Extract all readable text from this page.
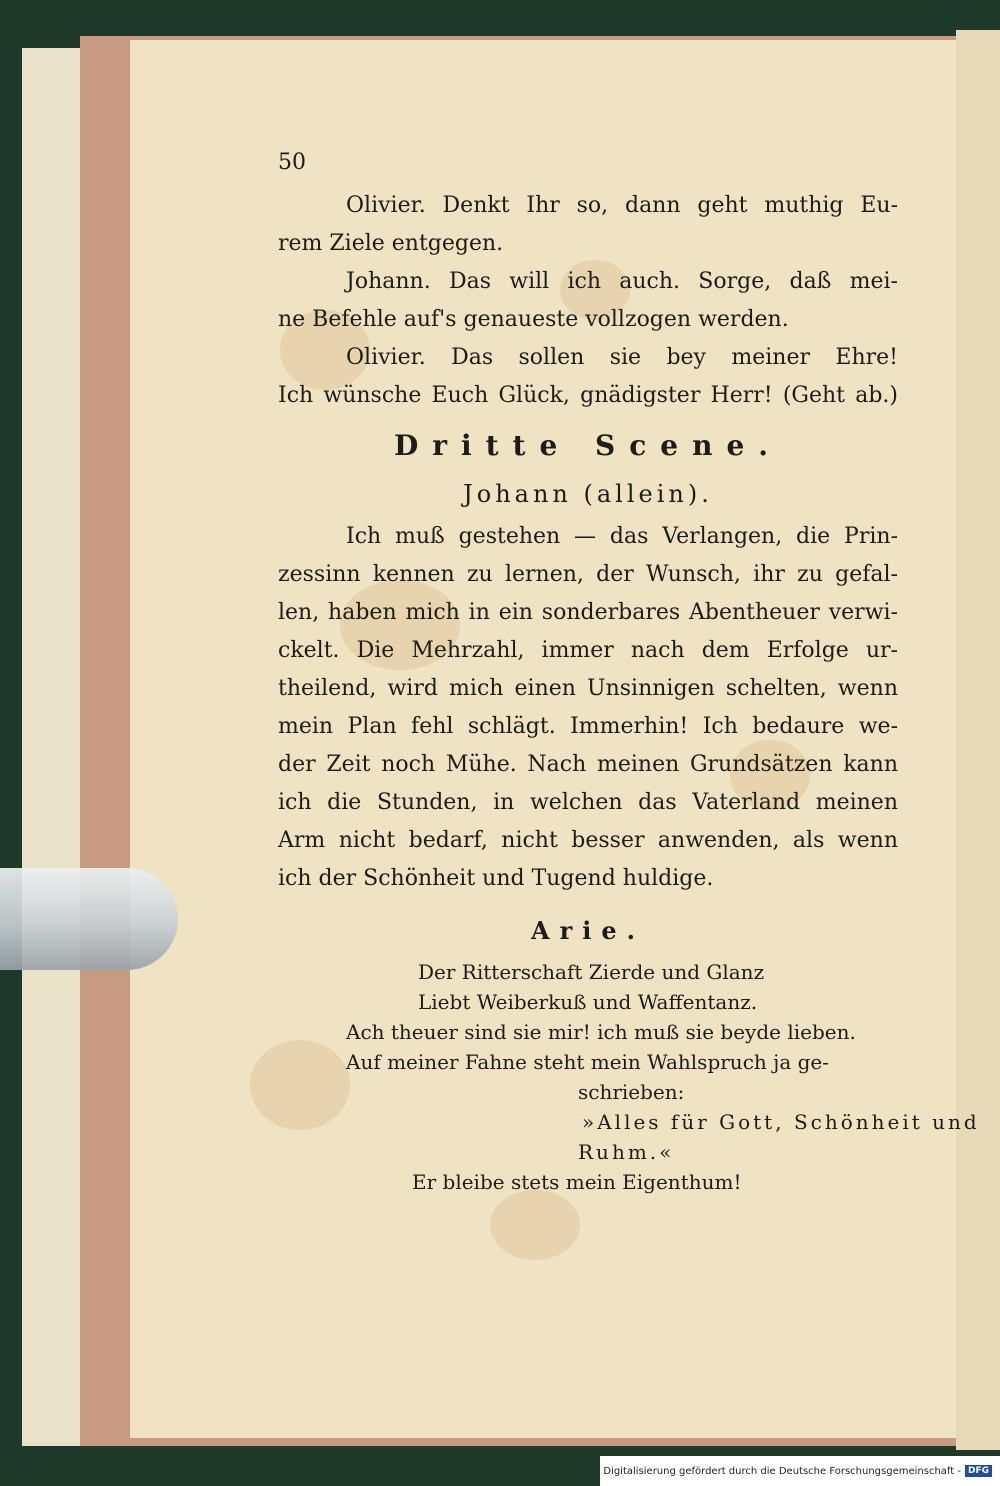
50
Olivier. Denkt Ihr so, dann geht muthig Eu-
rem Ziele entgegen.
Johann. Das will ich auch. Sorge, daß mei-
ne Befehle auf's genaueste vollzogen werden.
Olivier. Das sollen sie bey meiner Ehre!
Ich wünsche Euch Glück, gnädigster Herr! (Geht ab.)
Dritte Scene.
Johann (allein).
Ich muß gestehen — das Verlangen, die Prin-
zessinn kennen zu lernen, der Wunsch, ihr zu gefal-
len, haben mich in ein sonderbares Abentheuer verwi-
ckelt. Die Mehrzahl, immer nach dem Erfolge ur-
theilend, wird mich einen Unsinnigen schelten, wenn
mein Plan fehl schlägt. Immerhin! Ich bedaure we-
der Zeit noch Mühe. Nach meinen Grundsätzen kann
ich die Stunden, in welchen das Vaterland meinen
Arm nicht bedarf, nicht besser anwenden, als wenn
ich der Schönheit und Tugend huldige.
Arie.
Der Ritterschaft Zierde und Glanz
Liebt Weiberkuß und Waffentanz.
Ach theuer sind sie mir! ich muß sie beyde lieben.
Auf meiner Fahne steht mein Wahlspruch ja ge-
schrieben:
»Alles für Gott, Schönheit und
Ruhm.«
Er bleibe stets mein Eigenthum!
Digitalisierung gefördert durch die Deutsche Forschungsgemeinschaft - DFG
